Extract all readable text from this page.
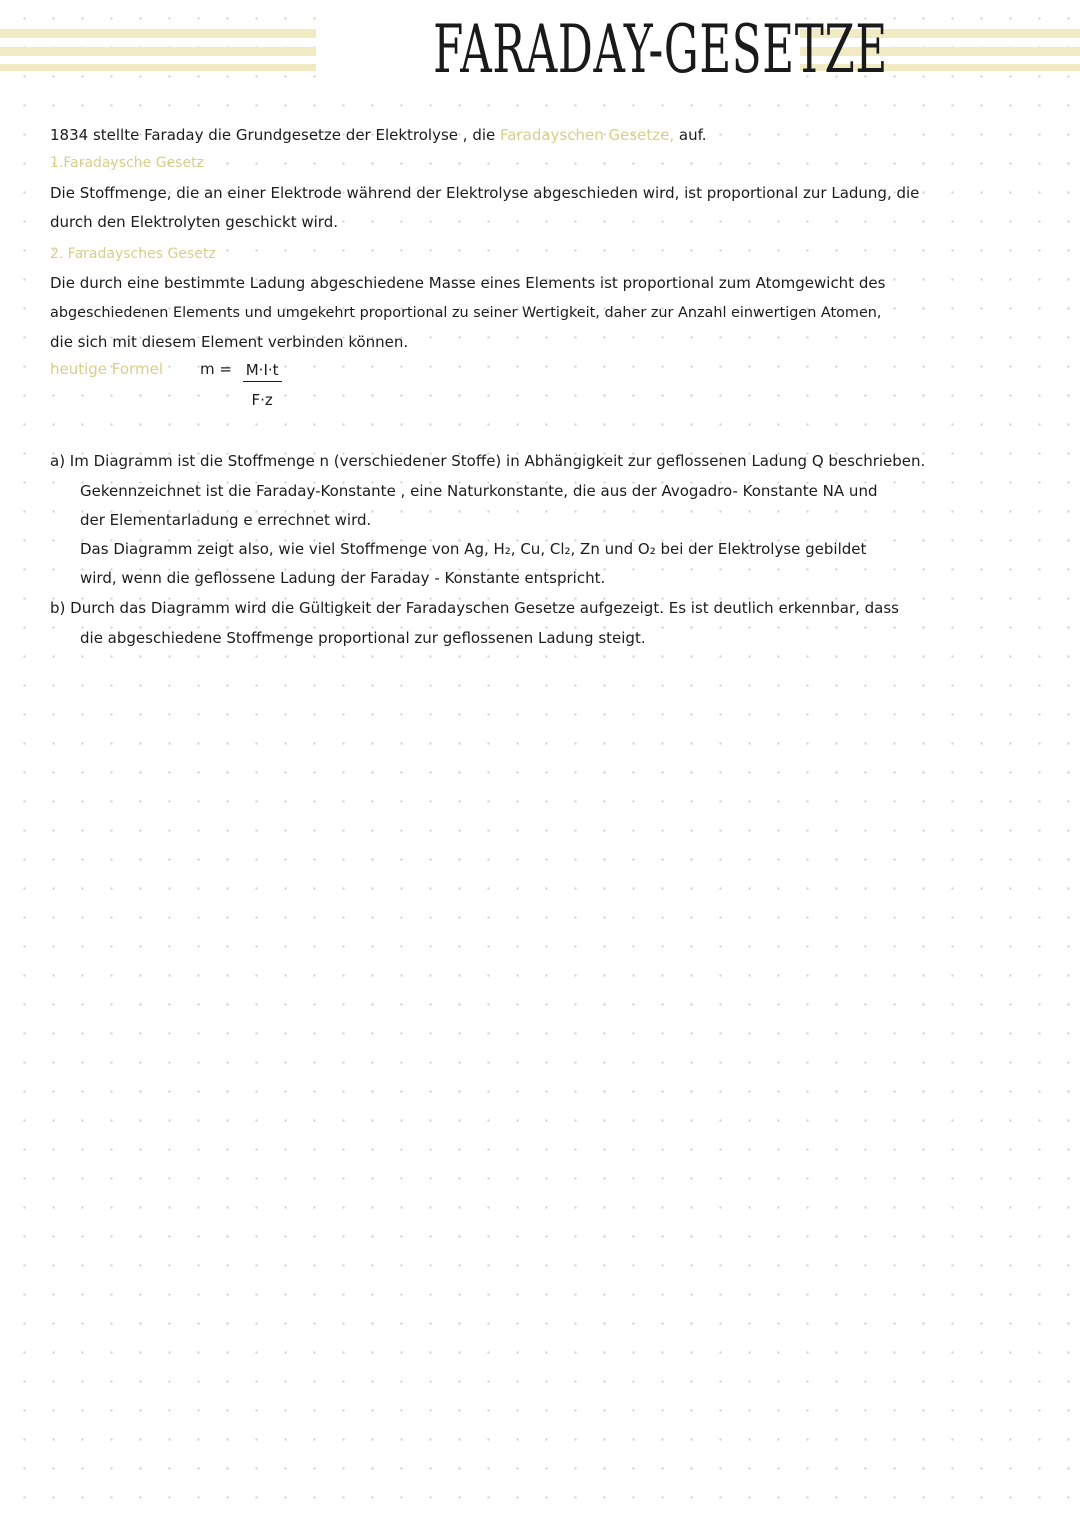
FARADAY-GESETZE
1834 stellte Faraday die Grundgesetze der Elektrolyse , die Faradayschen Gesetze, auf.
1.Faradaysche Gesetz
Die Stoffmenge, die an einer Elektrode während der Elektrolyse abgeschieden wird, ist proportional zur Ladung, die
durch den Elektrolyten geschickt wird.
2. Faradaysches Gesetz
Die durch eine bestimmte Ladung abgeschiedene Masse eines Elements ist proportional zum Atomgewicht des
abgeschiedenen Elements und umgekehrt proportional zu seiner Wertigkeit, daher zur Anzahl einwertigen Atomen,
die sich mit diesem Element verbinden können.
heutige Formel $m = \frac{M\cdot I\cdot t}{F\cdot z}$
a) Im Diagramm ist die Stoffmenge n (verschiedener Stoffe) in Abhängigkeit zur geflossenen Ladung Q beschrieben.
Gekennzeichnet ist die Faraday-Konstante , eine Naturkonstante, die aus der Avogadro- Konstante NA und
der Elementarladung e errechnet wird.
Das Diagramm zeigt also, wie viel Stoffmenge von Ag, H₂, Cu, Cl₂, Zn und O₂ bei der Elektrolyse gebildet
wird, wenn die geflossene Ladung der Faraday - Konstante entspricht.
b) Durch das Diagramm wird die Gültigkeit der Faradayschen Gesetze aufgezeigt. Es ist deutlich erkennbar, dass
die abgeschiedene Stoffmenge proportional zur geflossenen Ladung steigt.
